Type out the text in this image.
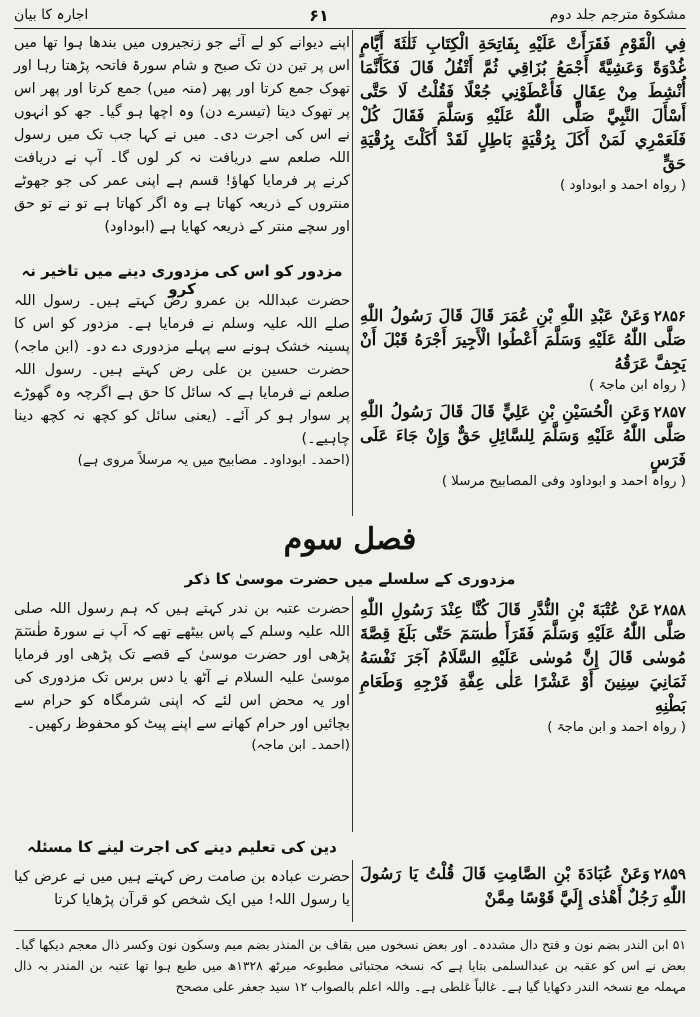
مشکوۃ مترجم جلد دوم
۶۱
اجارہ کا بیان

فِي الْقَوْمِ فَقَرَأَتْ عَلَيْهِ بِفَاتِحَةِ الْكِتَابِ ثَلٰثَةَ أَيَّامٍ غُدْوَةً وَعَشِيَّةً أَجْمَعُ بُزَاقِي ثُمَّ أَتْفُلُ قَالَ فَكَأَنَّمَا أُنْشِطَ مِنْ عِقَالٍ فَأَعْطَوْنِي جُعْلًا فَقُلْتُ لَا حَتَّى أَسْأَلَ النَّبِيَّ صَلَّى اللّٰهُ عَلَيْهِ وَسَلَّمَ فَقَالَ كُلْ فَلَعَمْرِي لَمَنْ أَكَلَ بِرُقْيَةٍ بَاطِلٍ لَقَدْ أَكَلْتَ بِرُقْيَةِ حَقٍّ

( رواہ احمد و ابوداود )

اپنے دیوانے کو لے آئے جو زنجیروں میں بندھا ہوا تھا میں اس پر تین دن تک صبح و شام سورۃ فاتحہ پڑھتا رہا اور تھوک جمع کرتا اور پھر (منہ میں) جمع کرتا اور پھر اس پر تھوک دیتا (تیسرے دن) وہ اچھا ہو گیا۔ جھ کو انہوں نے اس کی اجرت دی۔ میں نے کہا جب تک میں رسول اللہ صلعم سے دریافت نہ کر لوں گا۔ آپ نے دریافت کرنے پر فرمایا کھاؤ! قسم ہے اپنی عمر کی جو جھوٹے منتروں کے ذریعہ کھاتا ہے وہ اگر کھاتا ہے تو نے تو حق اور سچے منتر کے ذریعہ کھایا ہے (ابوداود)

مزدور کو اس کی مزدوری دینے میں تاخیر نہ کرو

حضرت عبداللہ بن عمرو رض کہتے ہیں۔ رسول اللہ صلے اللہ علیہ وسلم نے فرمایا ہے۔ مزدور کو اس کا پسینہ خشک ہونے سے پہلے مزدوری دے دو۔ (ابن ماجہ) حضرت حسین بن علی رض کہتے ہیں۔ رسول اللہ صلعم نے فرمایا ہے کہ سائل کا حق ہے اگرچہ وہ گھوڑے پر سوار ہو کر آئے۔ (یعنی سائل کو کچھ نہ کچھ دینا چاہیے۔)

(احمد۔ ابوداود۔ مصابیح میں یہ مرسلاً مروی ہے)

۲۸۵۶وَعَنْ عَبْدِ اللّٰهِ بْنِ عُمَرَ قَالَ قَالَ رَسُولُ اللّٰهِ صَلَّى اللّٰهُ عَلَيْهِ وَسَلَّمَ أَعْطُوا الْأَجِيرَ أَجْرَهُ قَبْلَ أَنْ يَجِفَّ عَرَقُهُ

( رواہ ابن ماجۃ )

۲۸۵۷وَعَنِ الْحُسَيْنِ بْنِ عَلِيٍّ قَالَ قَالَ رَسُولُ اللّٰهِ صَلَّى اللّٰهُ عَلَيْهِ وَسَلَّمَ لِلسَّائِلِ حَقٌّ وَإِنْ جَاءَ عَلَى فَرَسٍ

( رواہ احمد و ابوداود وفی المصابیح مرسلا )

فصل سوم
مزدوری کے سلسلے میں حضرت موسیٰ کا ذکر

۲۸۵۸عَنْ عُتْبَةَ بْنِ النُّدَّرِ قَالَ كُنَّا عِنْدَ رَسُولِ اللّٰهِ صَلَّى اللّٰهُ عَلَيْهِ وَسَلَّمَ فَقَرَأَ طٰسٓمٓ حَتّٰى بَلَغَ قِصَّةَ مُوسٰى قَالَ إِنَّ مُوسٰى عَلَيْهِ السَّلَامُ آجَرَ نَفْسَهُ ثَمَانِيَ سِنِينَ أَوْ عَشْرًا عَلٰى عِفَّةِ فَرْجِهِ وَطَعَامِ بَطْنِهِ

( رواہ احمد و ابن ماجۃ )

حضرت عتبہ بن ندر کہتے ہیں کہ ہم رسول اللہ صلی اللہ علیہ وسلم کے پاس بیٹھے تھے کہ آپ نے سورۃ طٰسٓمٓ پڑھی اور حضرت موسیٰ کے قصے تک پڑھی اور فرمایا موسیٰ علیہ السلام نے آٹھ یا دس برس تک مزدوری کی اور یہ محض اس لئے کہ اپنی شرمگاہ کو حرام سے بچائیں اور حرام کھانے سے اپنے پیٹ کو محفوظ رکھیں۔

(احمد۔ ابن ماجہ)

دین کی تعلیم دینے کی اجرت لینے کا مسئلہ

۲۸۵۹وَعَنْ عُبَادَةَ بْنِ الصَّامِتِ قَالَ قُلْتُ يَا رَسُولَ اللّٰهِ رَجُلٌ أَهْدٰى إِلَيَّ قَوْسًا مِمَّنْ

حضرت عبادہ بن صامت رض کہتے ہیں میں نے عرض کیا یا رسول اللہ! میں ایک شخص کو قرآن پڑھایا کرتا

۵۱ ابن الندر بضم نون و فتح دال مشددہ۔ اور بعض نسخوں میں بقاف بن المنذر بضم میم وسکون نون وکسر ذال معجم دیکھا گیا۔ بعض نے اس کو عقبہ بن عبدالسلمی بتایا ہے کہ نسخہ مجتبائی مطبوعہ میرٹھ ۱۳۲۸ھ میں طبع ہوا تھا عتبہ بن المندر بہ ذال مہملہ مع نسخہ الندر دکھایا گیا ہے۔ غالباً غلطی ہے۔ واللہ اعلم بالصواب ۱۲ سید جعفر علی مصحح
